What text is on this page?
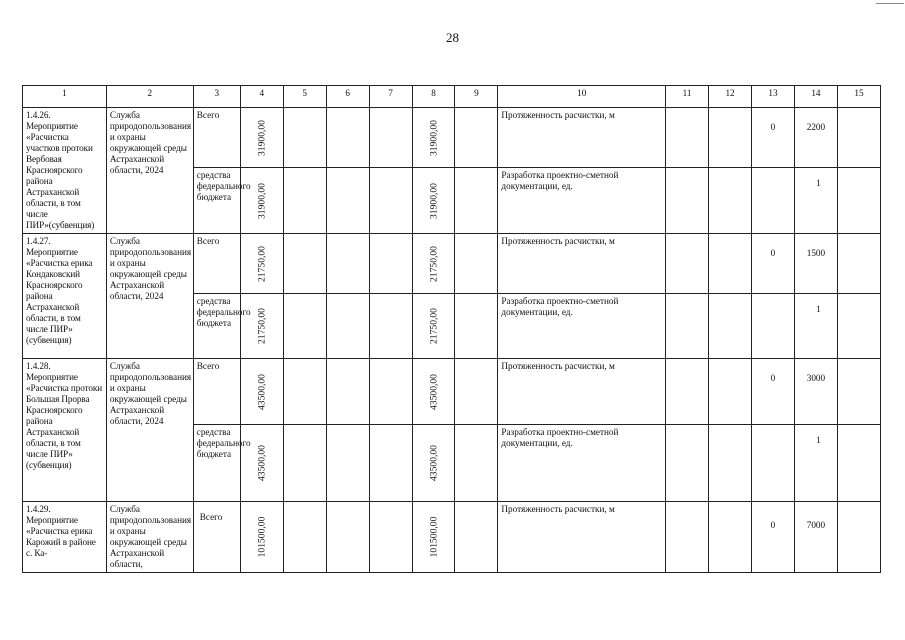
28
1	2	3	4	5	6	7	8	9	10	11	12	13	14	15
1.4.26. Мероприятие «Расчистка участков протоки Вербовая Красноярского района Астраханской области, в том числе ПИР»(субвенция)	Служба природопользования и охраны окружающей среды Астраханской области, 2024	Всего	31900,00				31900,00		Протяженность расчистки, м			0	2200	
		средства федерального бюджета	31900,00				31900,00		Разработка проектно-сметной документации, ед.				1	
1.4.27. Мероприятие «Расчистка ерика Кондаковский Красноярского района Астраханской области, в том числе ПИР» (субвенция)	Служба природопользования и охраны окружающей среды Астраханской области, 2024	Всего	21750,00				21750,00		Протяженность расчистки, м			0	1500	
		средства федерального бюджета	21750,00				21750,00		Разработка проектно-сметной документации, ед.				1	
1.4.28. Мероприятие «Расчистка протоки Большая Прорва Красноярского района Астраханской области, в том числе ПИР» (субвенция)	Служба природопользования и охраны окружающей среды Астраханской области, 2024	Всего	43500,00				43500,00		Протяженность расчистки, м			0	3000	
		средства федерального бюджета	43500,00				43500,00		Разработка проектно-сметной документации, ед.				1	
1.4.29. Мероприятие «Расчистка ерика Карожий в районе с. Ка-	Служба природопользования и охраны окружающей среды Астраханской области,	Всего	101500,00				101500,00		Протяженность расчистки, м			0	7000	
